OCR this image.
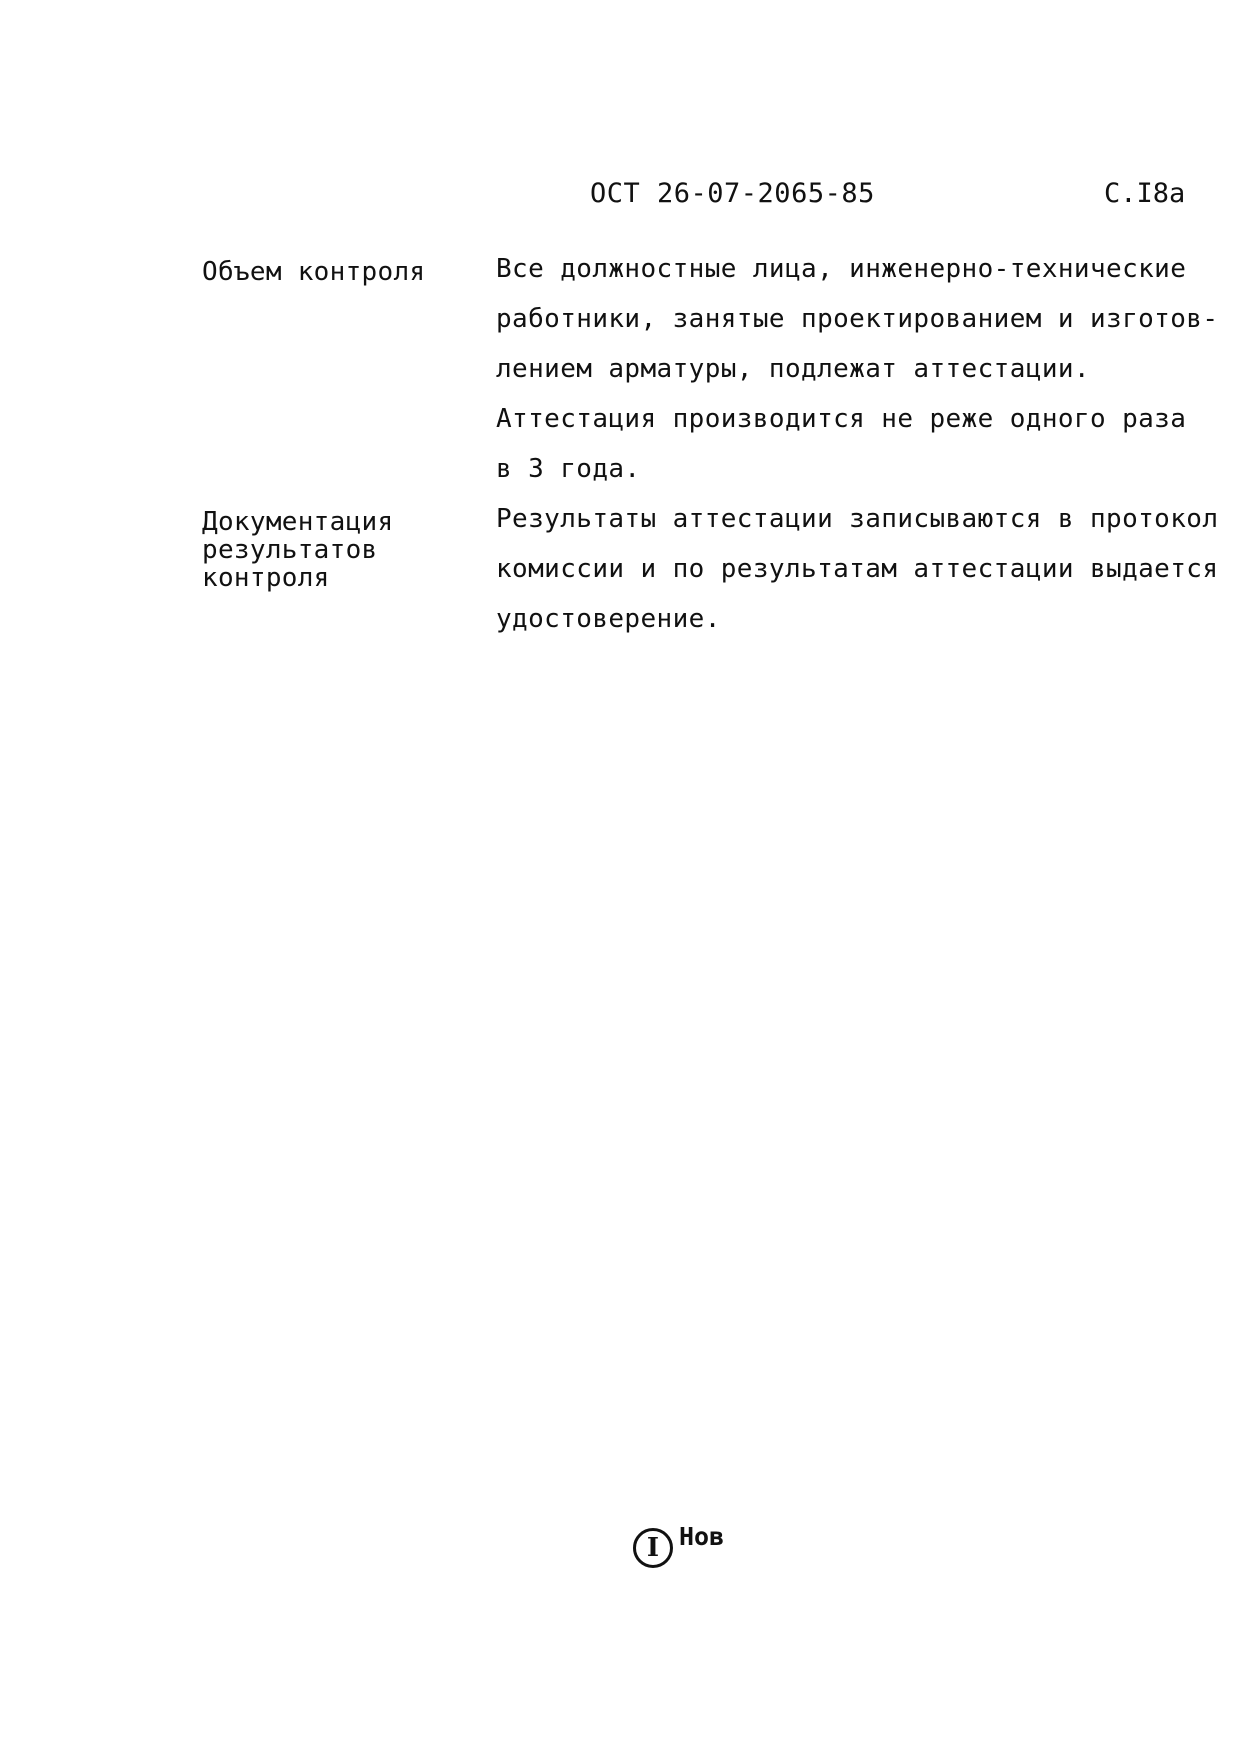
ОСТ 26-07-2065-85	С.I8а
Объем контроля	Все должностные лица, инженерно-технические
работники, занятые проектированием и изготов-
лением арматуры, подлежат аттестации.
Аттестация производится не реже одного раза
в 3 года.
Документация
результатов
контроля
Результаты аттестации записываются в протокол
комиссии и по результатам аттестации выдается
удостоверение.
I Нов
